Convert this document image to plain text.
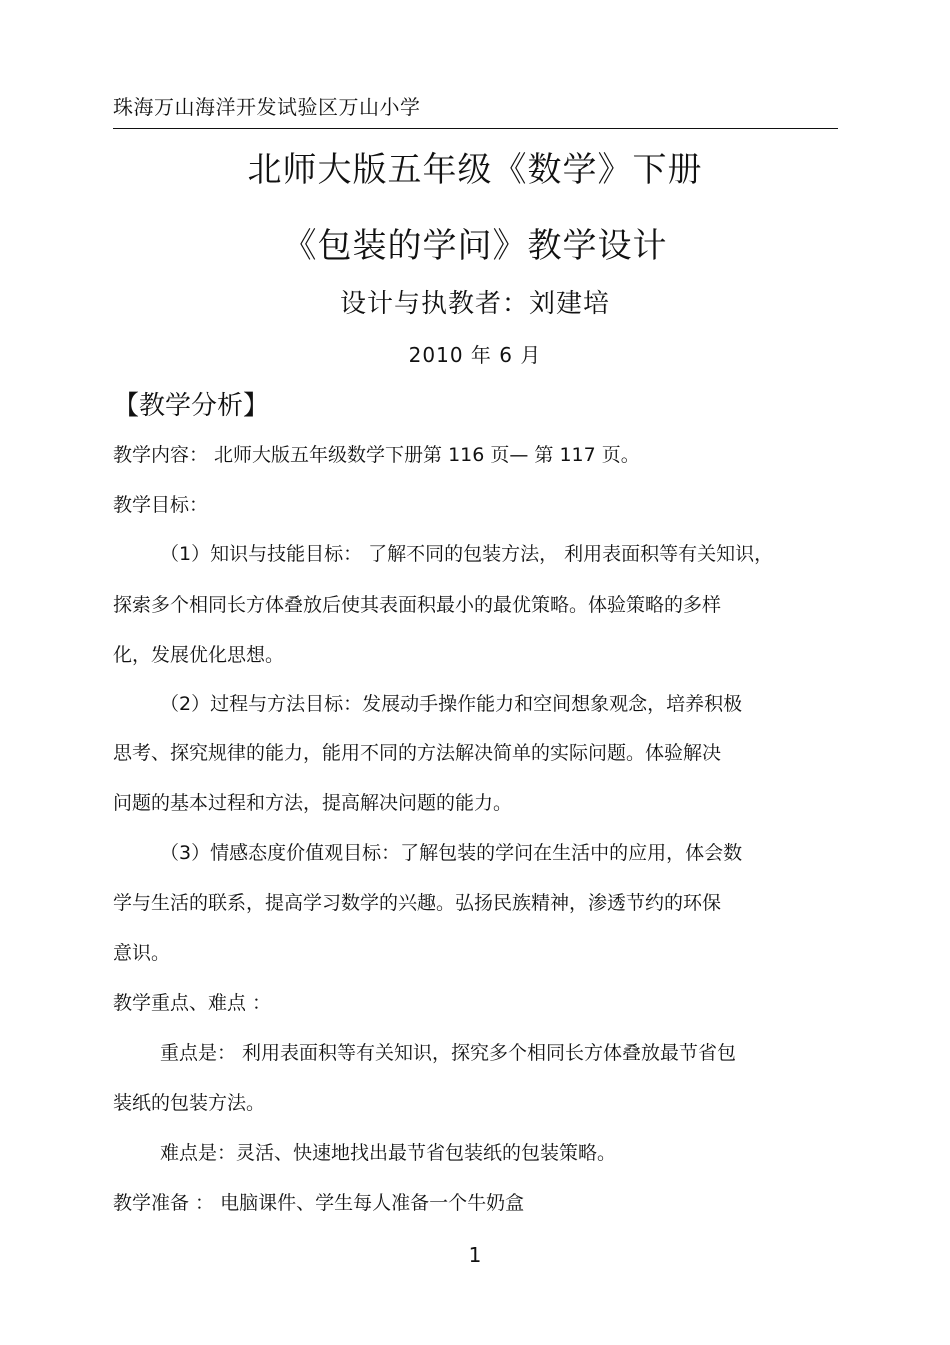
珠海万山海洋开发试验区万山小学
北师大版五年级《数学》下册
《包装的学问》教学设计
设计与执教者：刘建培
2010 年 6 月
【教学分析】
教学内容： 北师大版五年级数学下册第 116 页— 第 117 页。
教学目标：
（1）知识与技能目标： 了解不同的包装方法， 利用表面积等有关知识，
探索多个相同长方体叠放后使其表面积最小的最优策略。体验策略的多样
化，发展优化思想。
（2）过程与方法目标：发展动手操作能力和空间想象观念，培养积极
思考、探究规律的能力，能用不同的方法解决简单的实际问题。体验解决
问题的基本过程和方法，提高解决问题的能力。
（3）情感态度价值观目标：了解包装的学问在生活中的应用，体会数
学与生活的联系，提高学习数学的兴趣。弘扬民族精神，渗透节约的环保
意识。
教学重点、难点 ：
重点是： 利用表面积等有关知识，探究多个相同长方体叠放最节省包
装纸的包装方法。
难点是：灵活、快速地找出最节省包装纸的包装策略。
教学准备 ： 电脑课件、学生每人准备一个牛奶盒
1
